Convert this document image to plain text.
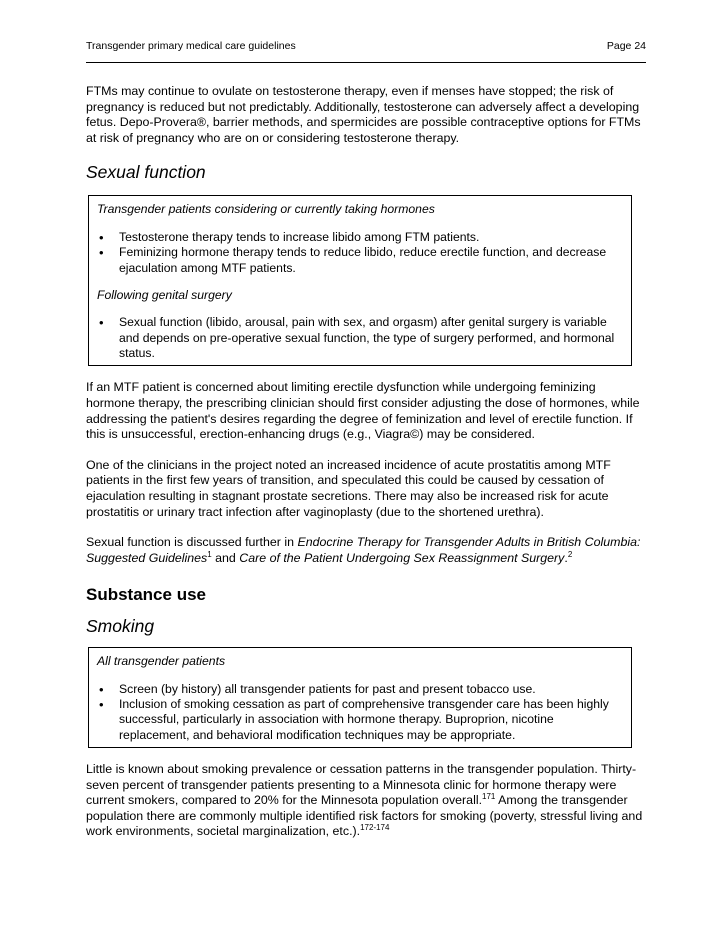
Transgender primary medical care guidelines	Page 24

FTMs may continue to ovulate on testosterone therapy, even if menses have stopped; the risk of pregnancy is reduced but not predictably. Additionally, testosterone can adversely affect a developing fetus. Depo-Provera®, barrier methods, and spermicides are possible contraceptive options for FTMs at risk of pregnancy who are on or considering testosterone therapy.

Sexual function
Transgender patients considering or currently taking hormones
• Testosterone therapy tends to increase libido among FTM patients.
• Feminizing hormone therapy tends to reduce libido, reduce erectile function, and decrease ejaculation among MTF patients.
Following genital surgery
• Sexual function (libido, arousal, pain with sex, and orgasm) after genital surgery is variable and depends on pre-operative sexual function, the type of surgery performed, and hormonal status.

If an MTF patient is concerned about limiting erectile dysfunction while undergoing feminizing hormone therapy, the prescribing clinician should first consider adjusting the dose of hormones, while addressing the patient's desires regarding the degree of feminization and level of erectile function. If this is unsuccessful, erection-enhancing drugs (e.g., Viagra©) may be considered.

One of the clinicians in the project noted an increased incidence of acute prostatitis among MTF patients in the first few years of transition, and speculated this could be caused by cessation of ejaculation resulting in stagnant prostate secretions. There may also be increased risk for acute prostatitis or urinary tract infection after vaginoplasty (due to the shortened urethra).

Sexual function is discussed further in Endocrine Therapy for Transgender Adults in British Columbia: Suggested Guidelines$^1$ and Care of the Patient Undergoing Sex Reassignment Surgery.$^2$

Substance use
Smoking
All transgender patients
• Screen (by history) all transgender patients for past and present tobacco use.
• Inclusion of smoking cessation as part of comprehensive transgender care has been highly successful, particularly in association with hormone therapy. Buproprion, nicotine replacement, and behavioral modification techniques may be appropriate.

Little is known about smoking prevalence or cessation patterns in the transgender population. Thirty-seven percent of transgender patients presenting to a Minnesota clinic for hormone therapy were current smokers, compared to 20% for the Minnesota population overall.$^{171}$ Among the transgender population there are commonly multiple identified risk factors for smoking (poverty, stressful living and work environments, societal marginalization, etc.).$^{172-174}$
